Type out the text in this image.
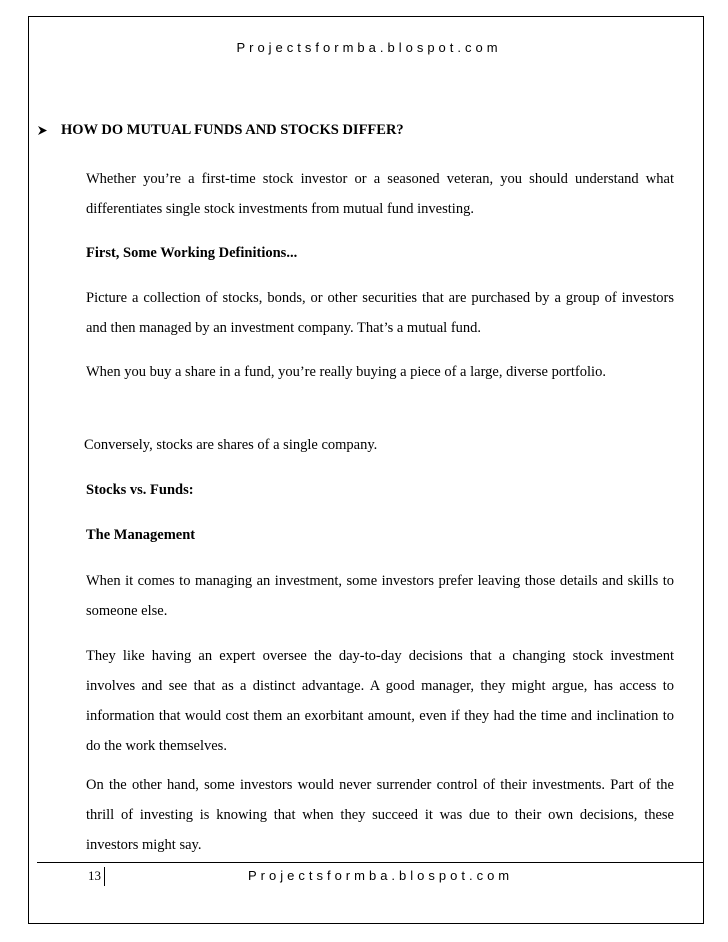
Projectsformba.blospot.com
HOW DO MUTUAL FUNDS AND STOCKS DIFFER?
Whether you’re a first-time stock investor or a seasoned veteran, you should understand what differentiates single stock investments from mutual fund investing.
First, Some Working Definitions...
Picture a collection of stocks, bonds, or other securities that are purchased by a group of investors and then managed by an investment company. That’s a mutual fund.
When you buy a share in a fund, you’re really buying a piece of a large, diverse portfolio.
Conversely, stocks are shares of a single company.
Stocks vs. Funds:
The Management
When it comes to managing an investment, some investors prefer leaving those details and skills to someone else.
They like having an expert oversee the day-to-day decisions that a changing stock investment involves and see that as a distinct advantage. A good manager, they might argue, has access to information that would cost them an exorbitant amount, even if they had the time and inclination to do the work themselves.
On the other hand, some investors would never surrender control of their investments. Part of the thrill of investing is knowing that when they succeed it was due to their own decisions, these investors might say.
13	Projectsformba.blospot.com
